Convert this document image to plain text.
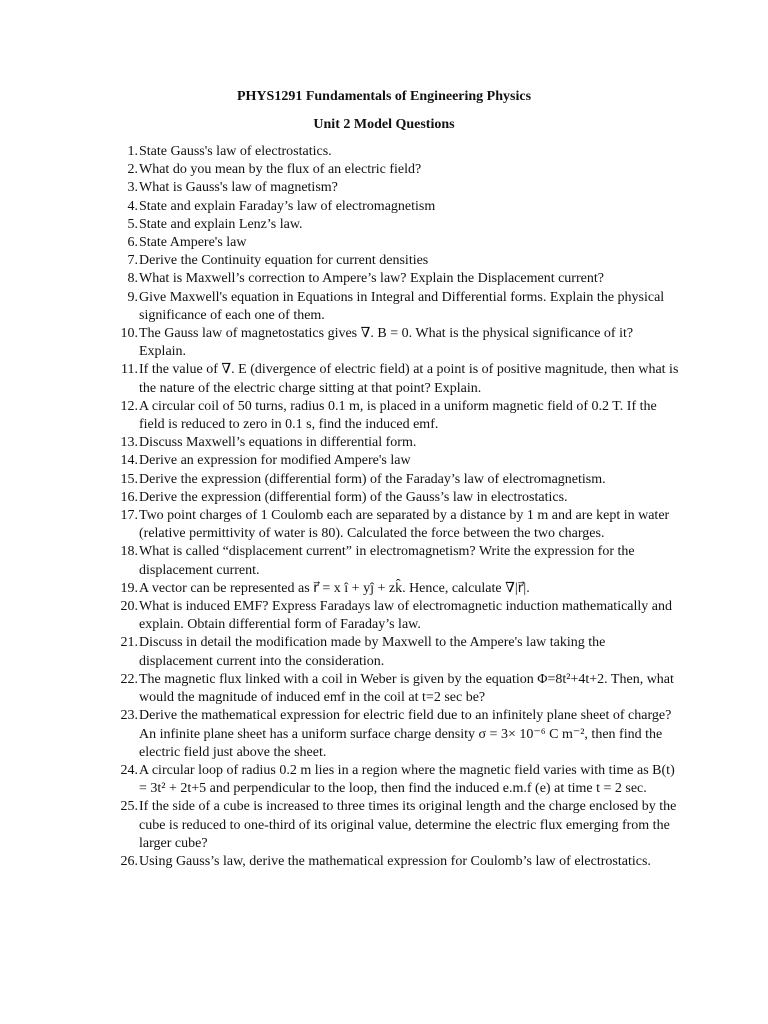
PHYS1291 Fundamentals of Engineering Physics

Unit 2 Model Questions

1. State Gauss's law of electrostatics.
2. What do you mean by the flux of an electric field?
3. What is Gauss's law of magnetism?
4. State and explain Faraday’s law of electromagnetism
5. State and explain Lenz’s law.
6. State Ampere's law
7. Derive the Continuity equation for current densities
8. What is Maxwell’s correction to Ampere’s law? Explain the Displacement current?
9. Give Maxwell's equation in Equations in Integral and Differential forms. Explain the physical significance of each one of them.
10. The Gauss law of magnetostatics gives ∇. B = 0. What is the physical significance of it? Explain.
11. If the value of ∇. E (divergence of electric field) at a point is of positive magnitude, then what is the nature of the electric charge sitting at that point? Explain.
12. A circular coil of 50 turns, radius 0.1 m, is placed in a uniform magnetic field of 0.2 T. If the field is reduced to zero in 0.1 s, find the induced emf.
13. Discuss Maxwell’s equations in differential form.
14. Derive an expression for modified Ampere's law
15. Derive the expression (differential form) of the Faraday’s law of electromagnetism.
16. Derive the expression (differential form) of the Gauss’s law in electrostatics.
17. Two point charges of 1 Coulomb each are separated by a distance by 1 m and are kept in water (relative permittivity of water is 80). Calculated the force between the two charges.
18. What is called “displacement current” in electromagnetism? Write the expression for the displacement current.
19. A vector can be represented as r⃗ = x î + yĵ + zk̂. Hence, calculate ∇|r⃗|.
20. What is induced EMF? Express Faradays law of electromagnetic induction mathematically and explain. Obtain differential form of Faraday’s law.
21. Discuss in detail the modification made by Maxwell to the Ampere's law taking the displacement current into the consideration.
22. The magnetic flux linked with a coil in Weber is given by the equation Φ=8t²+4t+2. Then, what would the magnitude of induced emf in the coil at t=2 sec be?
23. Derive the mathematical expression for electric field due to an infinitely plane sheet of charge? An infinite plane sheet has a uniform surface charge density σ = 3× 10⁻⁶ C m⁻², then find the electric field just above the sheet.
24. A circular loop of radius 0.2 m lies in a region where the magnetic field varies with time as B(t) = 3t² + 2t+5 and perpendicular to the loop, then find the induced e.m.f (e) at time t = 2 sec.
25. If the side of a cube is increased to three times its original length and the charge enclosed by the cube is reduced to one-third of its original value, determine the electric flux emerging from the larger cube?
26. Using Gauss’s law, derive the mathematical expression for Coulomb’s law of electrostatics.
